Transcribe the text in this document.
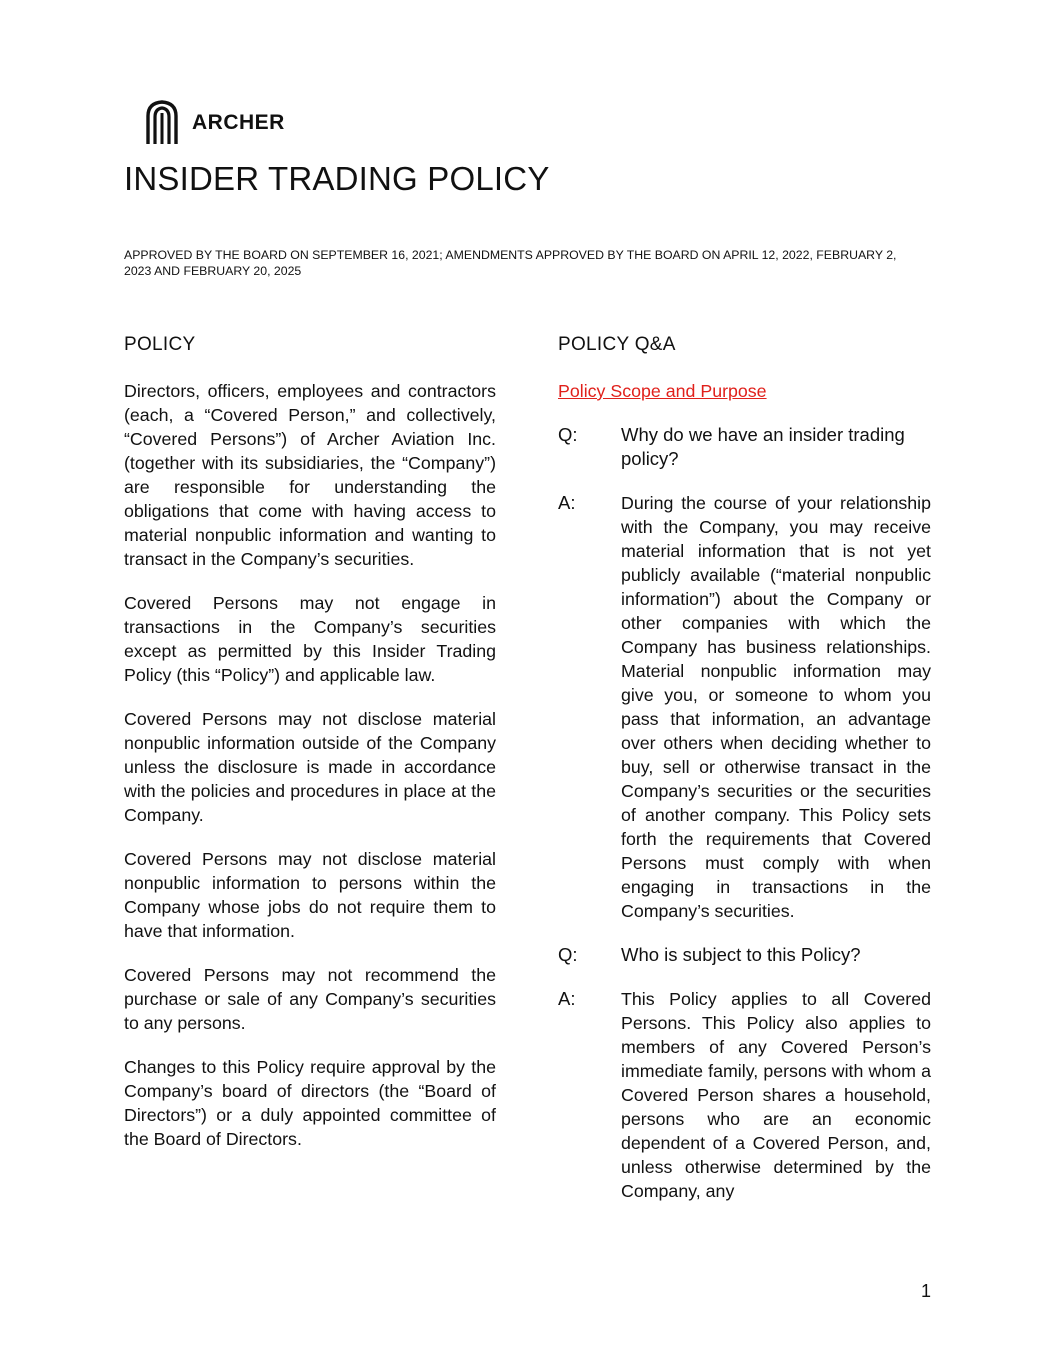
ARCHER
INSIDER TRADING POLICY

APPROVED BY THE BOARD ON SEPTEMBER 16, 2021; AMENDMENTS APPROVED BY THE BOARD ON APRIL 12, 2022, FEBRUARY 2, 2023 AND FEBRUARY 20, 2025

POLICY	POLICY Q&A

Directors, officers, employees and contractors (each, a “Covered Person,” and collectively, “Covered Persons”) of Archer Aviation Inc. (together with its subsidiaries, the “Company”) are responsible for understanding the obligations that come with having access to material nonpublic information and wanting to transact in the Company’s securities.

Covered Persons may not engage in transactions in the Company’s securities except as permitted by this Insider Trading Policy (this “Policy”) and applicable law.

Covered Persons may not disclose material nonpublic information outside of the Company unless the disclosure is made in accordance with the policies and procedures in place at the Company.

Covered Persons may not disclose material nonpublic information to persons within the Company whose jobs do not require them to have that information.

Covered Persons may not recommend the purchase or sale of any Company’s securities to any persons.

Changes to this Policy require approval by the Company’s board of directors (the “Board of Directors”) or a duly appointed committee of the Board of Directors.

Policy Scope and Purpose
Q:	Why do we have an insider trading policy?

A:	During the course of your relationship with the Company, you may receive material information that is not yet publicly available (“material nonpublic information”) about the Company or other companies with which the Company has business relationships. Material nonpublic information may give you, or someone to whom you pass that information, an advantage over others when deciding whether to buy, sell or otherwise transact in the Company’s securities or the securities of another company. This Policy sets forth the requirements that Covered Persons must comply with when engaging in transactions in the Company’s securities.

Q:	Who is subject to this Policy?

A:	This Policy applies to all Covered Persons. This Policy also applies to members of any Covered Person’s immediate family, persons with whom a Covered Person shares a household, persons who are an economic dependent of a Covered Person, and, unless otherwise determined by the Company, any

1
